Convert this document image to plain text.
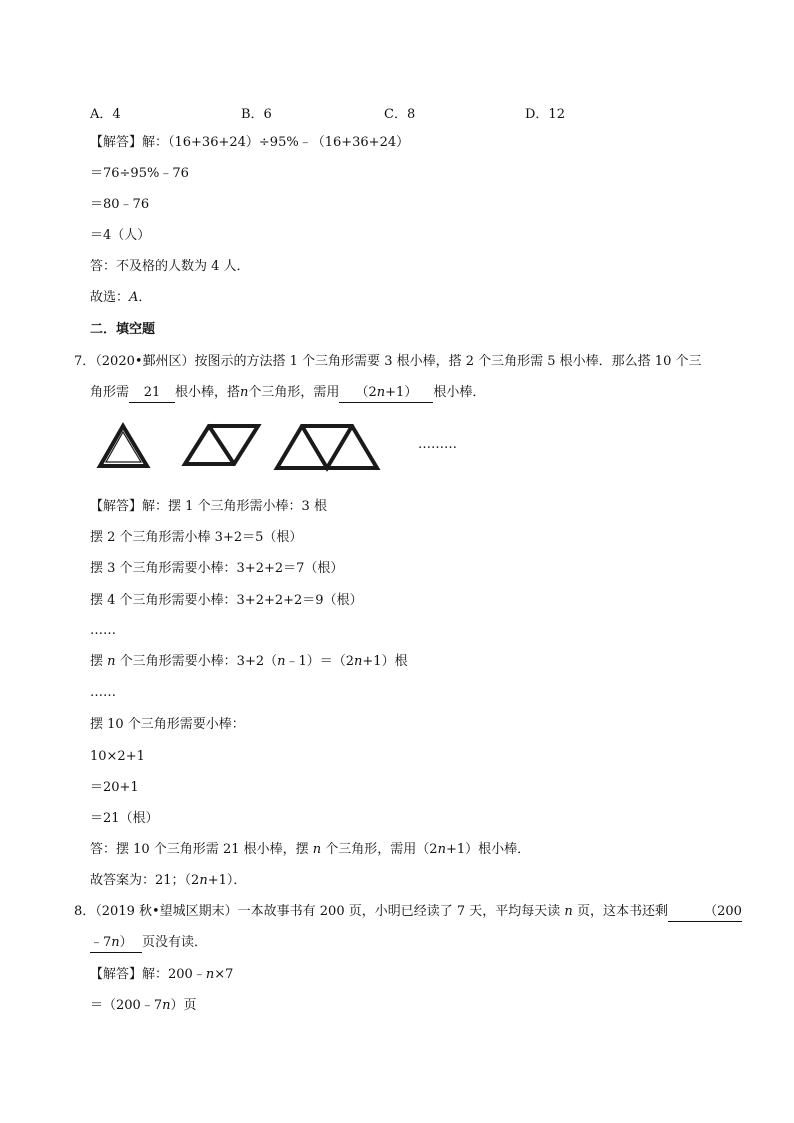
A．4	B．6	C．8	D．12
【解答】解：（16+36+24）÷95%﹣（16+36+24）
＝76÷95%﹣76
＝80﹣76
＝4（人）
答：不及格的人数为 4 人．
故选：A．
二．填空题
7．（2020•鄞州区）按图示的方法搭 1 个三角形需要 3 根小棒，搭 2 个三角形需 5 根小棒．那么搭 10 个三
角形需 21 根小棒，搭n个三角形，需用 （2n+1） 根小棒．
………
【解答】解：摆 1 个三角形需小棒：3 根
摆 2 个三角形需小棒 3+2＝5（根）
摆 3 个三角形需要小棒：3+2+2＝7（根）
摆 4 个三角形需要小棒：3+2+2+2＝9（根）
……
摆 n 个三角形需要小棒：3+2（n﹣1）＝（2n+1）根
……
摆 10 个三角形需要小棒：
10×2+1
＝20+1
＝21（根）
答：摆 10 个三角形需 21 根小棒，摆 n 个三角形，需用（2n+1）根小棒．
故答案为：21；（2n+1）．
8．（2019 秋•望城区期末）一本故事书有 200 页，小明已经读了 7 天，平均每天读 n 页，这本书还剩	（200
﹣7n） 页没有读．
【解答】解：200﹣n×7
＝（200﹣7n）页
